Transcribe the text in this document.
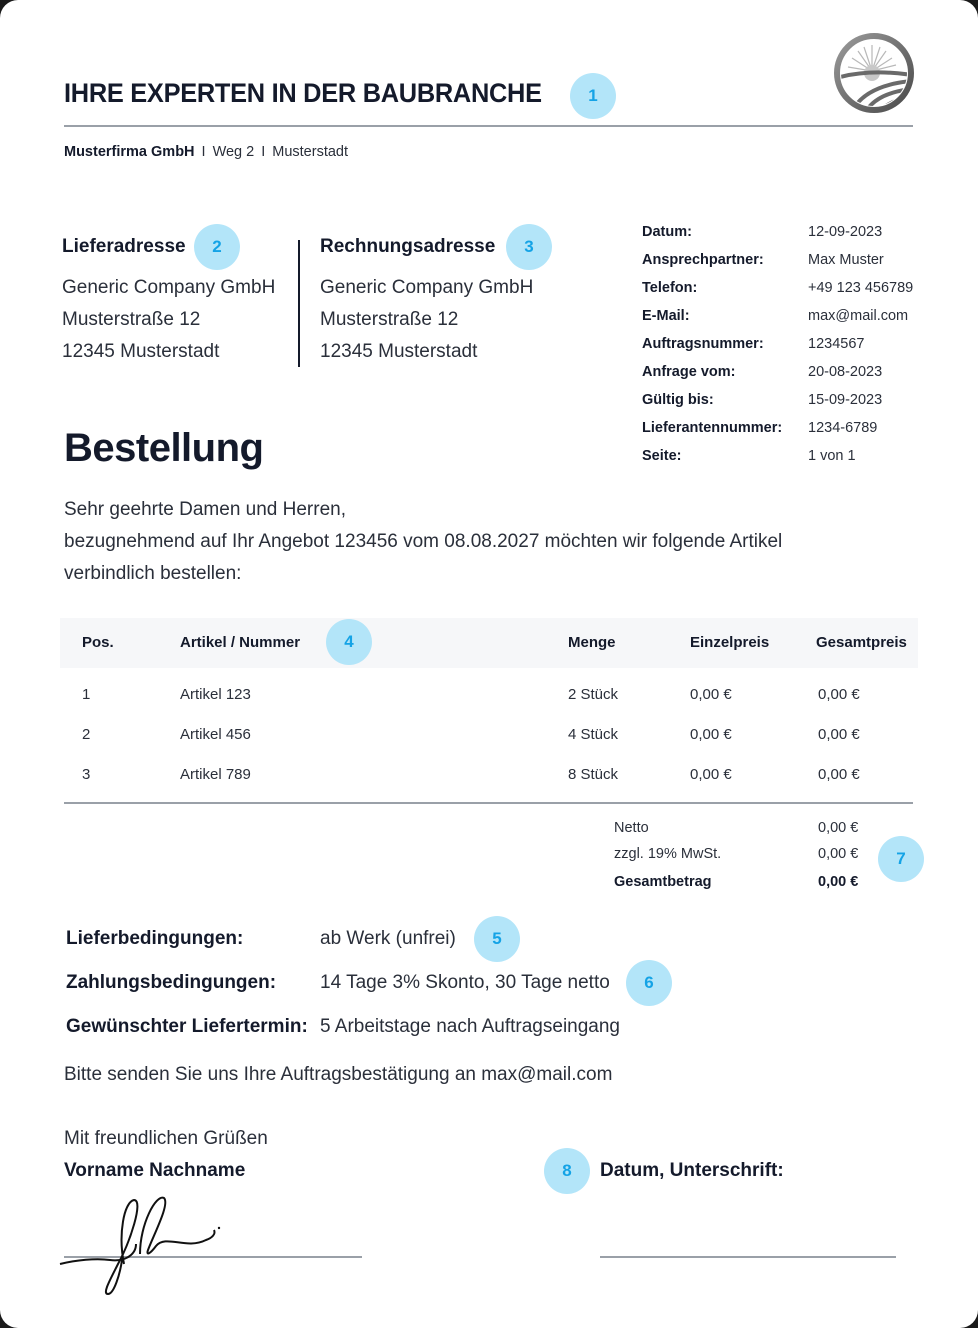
IHRE EXPERTEN IN DER BAUBRANCHE	1
Musterfirma GmbH I Weg 2 I Musterstadt
Lieferadresse
Generic Company GmbH
Musterstraße 12
12345 Musterstadt
2	Rechnungsadresse
Generic Company GmbH
Musterstraße 12
12345 Musterstadt
3
Datum:	12-09-2023
Ansprechpartner:	Max Muster
Telefon:	+49 123 456789
E-Mail:	max@mail.com
Auftragsnummer:	1234567
Anfrage vom:	20-08-2023
Gültig bis:	15-09-2023
Lieferantennummer:	1234-6789
Seite:	1 von 1
Bestellung
Sehr geehrte Damen und Herren,
bezugnehmend auf Ihr Angebot 123456 vom 08.08.2027 möchten wir folgende Artikel
verbindlich bestellen:
Pos.	Artikel / Nummer	Menge	Einzelpreis	Gesamtpreis
4
1	Artikel 123	2 Stück	0,00 €	0,00 €
2	Artikel 456	4 Stück	0,00 €	0,00 €
3	Artikel 789	8 Stück	0,00 €	0,00 €
Netto	0,00 €
zzgl. 19% MwSt.	0,00 €
Gesamtbetrag	0,00 €
7
Lieferbedingungen:	ab Werk (unfrei)	5
Zahlungsbedingungen: 14 Tage 3% Skonto, 30 Tage netto	6
Gewünschter Liefertermin: 5 Arbeitstage nach Auftragseingang
Bitte senden Sie uns Ihre Auftragsbestätigung an max@mail.com
Mit freundlichen Grüßen
Vorname Nachname	8	Datum, Unterschrift:
